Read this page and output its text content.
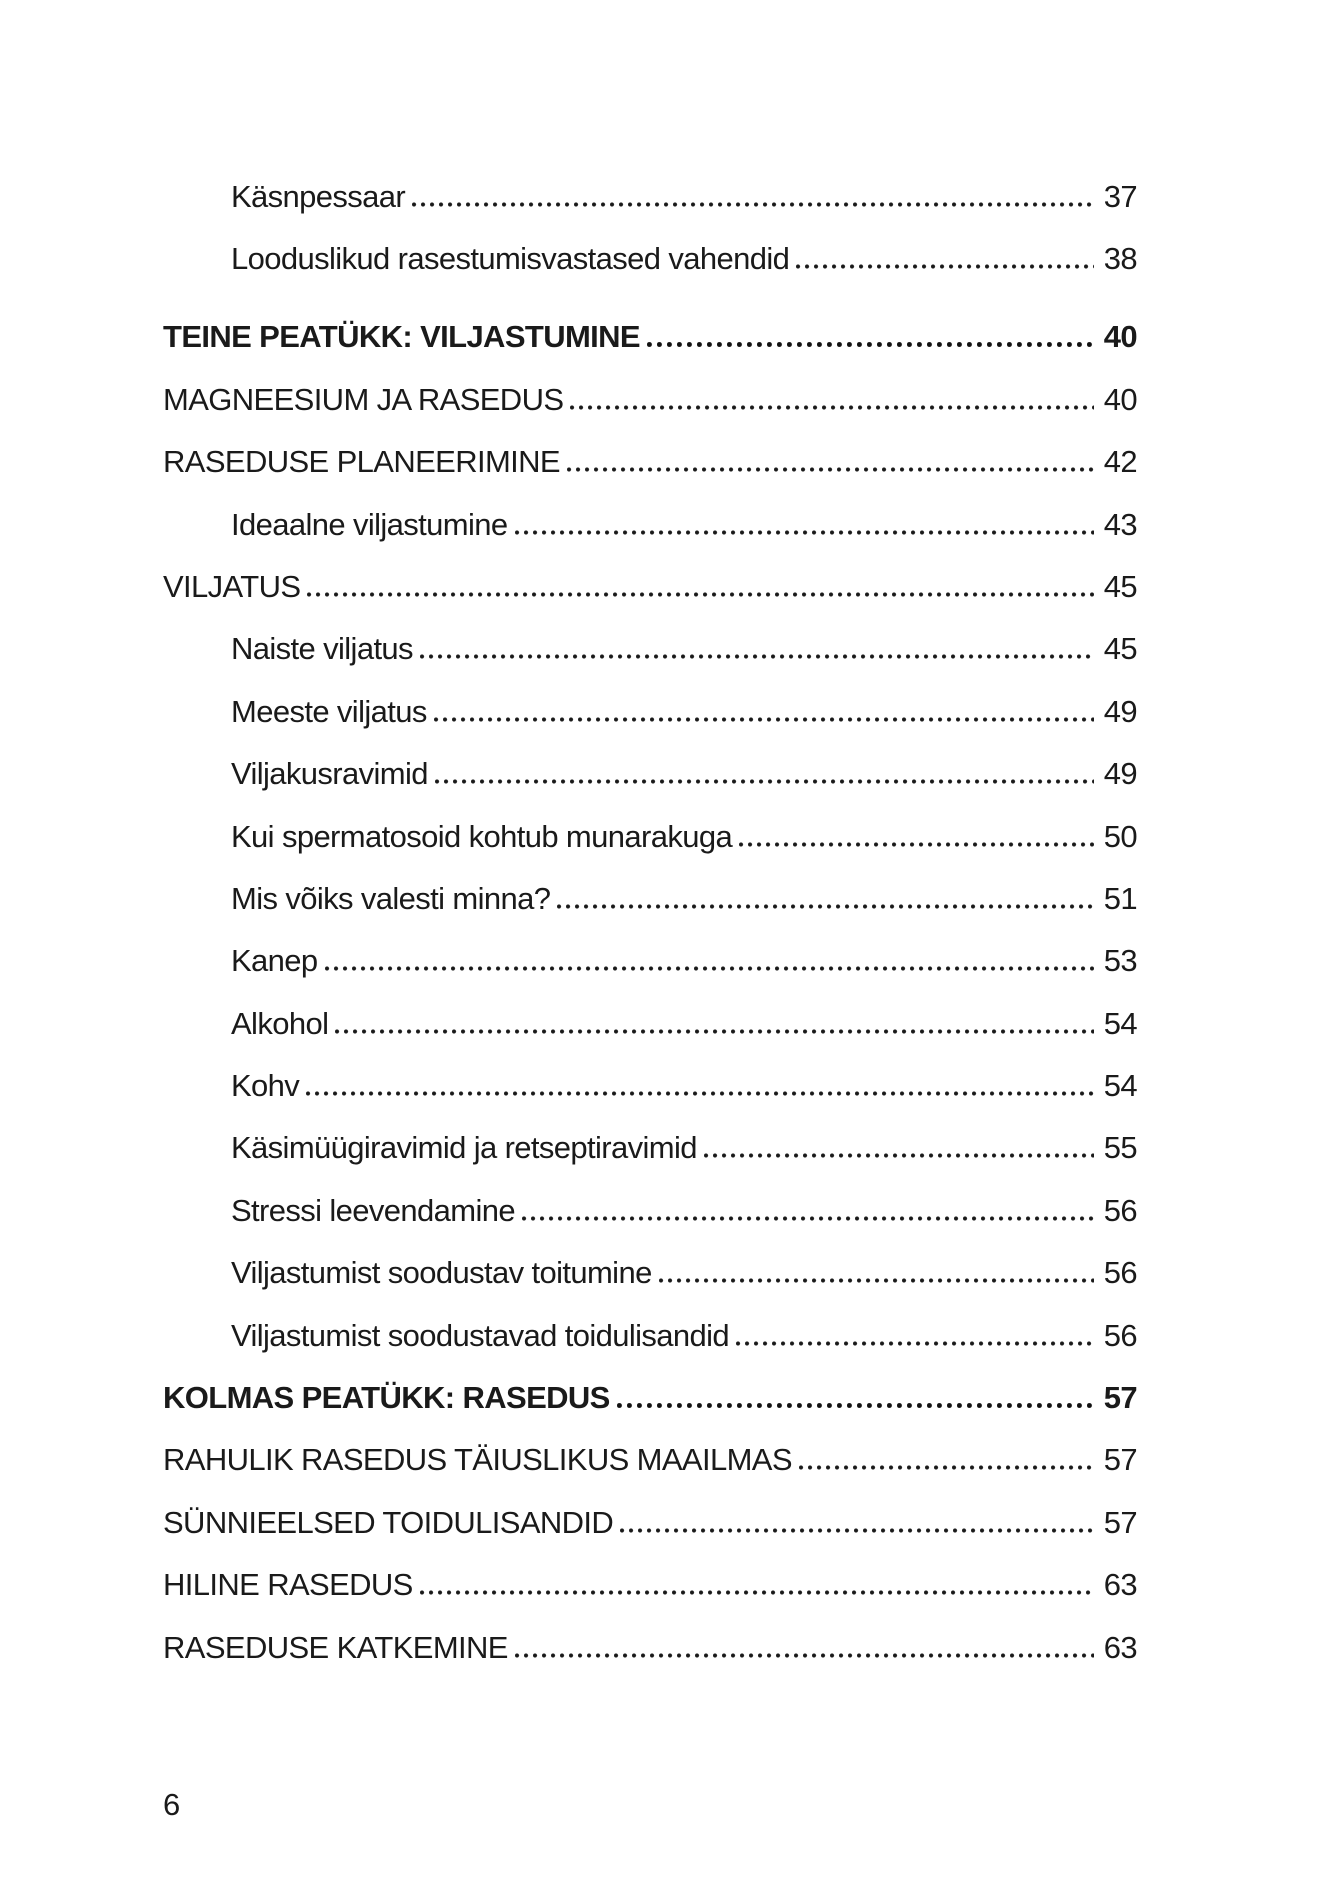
Käsnpessaar	37
Looduslikud rasestumisvastased vahendid	38
TEINE PEATÜKK: VILJASTUMINE	40
MAGNEESIUM JA RASEDUS	40
RASEDUSE PLANEERIMINE	42
Ideaalne viljastumine	43
VILJATUS	45
Naiste viljatus	45
Meeste viljatus	49
Viljakusravimid	49
Kui spermatosoid kohtub munarakuga	50
Mis võiks valesti minna?	51
Kanep	53
Alkohol	54
Kohv	54
Käsimüügiravimid ja retseptiravimid	55
Stressi leevendamine	56
Viljastumist soodustav toitumine	56
Viljastumist soodustavad toidulisandid	56
KOLMAS PEATÜKK: RASEDUS	57
RAHULIK RASEDUS TÄIUSLIKUS MAAILMAS	57
SÜNNIEELSED TOIDULISANDID	57
HILINE RASEDUS	63
RASEDUSE KATKEMINE	63
6
